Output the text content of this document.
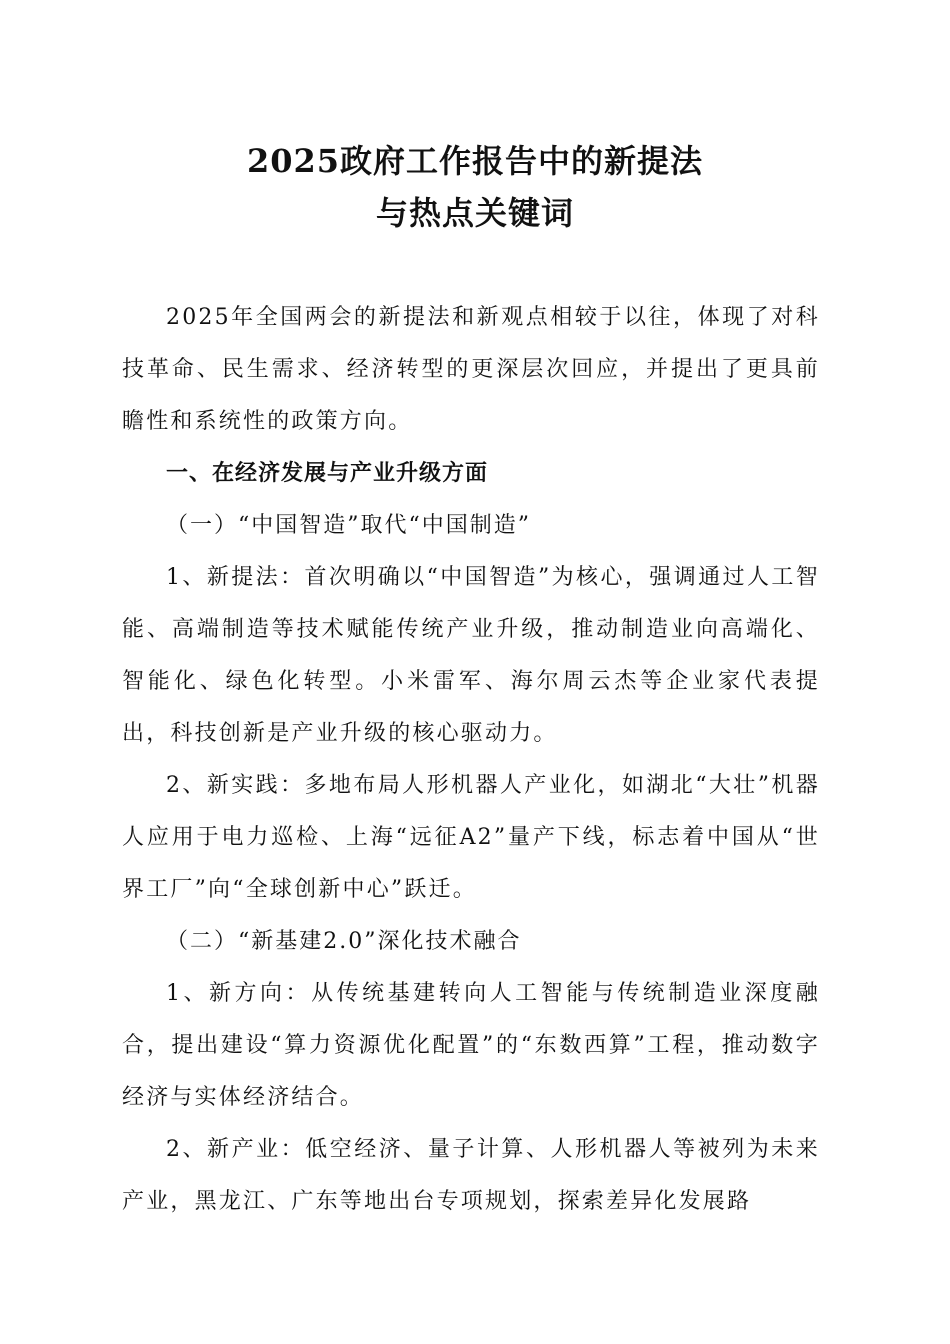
2025政府工作报告中的新提法
与热点关键词

2025年全国两会的新提法和新观点相较于以往，体现了对科技革命、民生需求、经济转型的更深层次回应，并提出了更具前瞻性和系统性的政策方向。

一、在经济发展与产业升级方面

（一）“中国智造”取代“中国制造”

1、新提法：首次明确以“中国智造”为核心，强调通过人工智能、高端制造等技术赋能传统产业升级，推动制造业向高端化、智能化、绿色化转型。小米雷军、海尔周云杰等企业家代表提出，科技创新是产业升级的核心驱动力。

2、新实践：多地布局人形机器人产业化，如湖北“大壮”机器人应用于电力巡检、上海“远征A2”量产下线，标志着中国从“世界工厂”向“全球创新中心”跃迁。

（二）“新基建2.0”深化技术融合

1、新方向：从传统基建转向人工智能与传统制造业深度融合，提出建设“算力资源优化配置”的“东数西算”工程，推动数字经济与实体经济结合。

2、新产业：低空经济、量子计算、人形机器人等被列为未来产业，黑龙江、广东等地出台专项规划，探索差异化发展路
